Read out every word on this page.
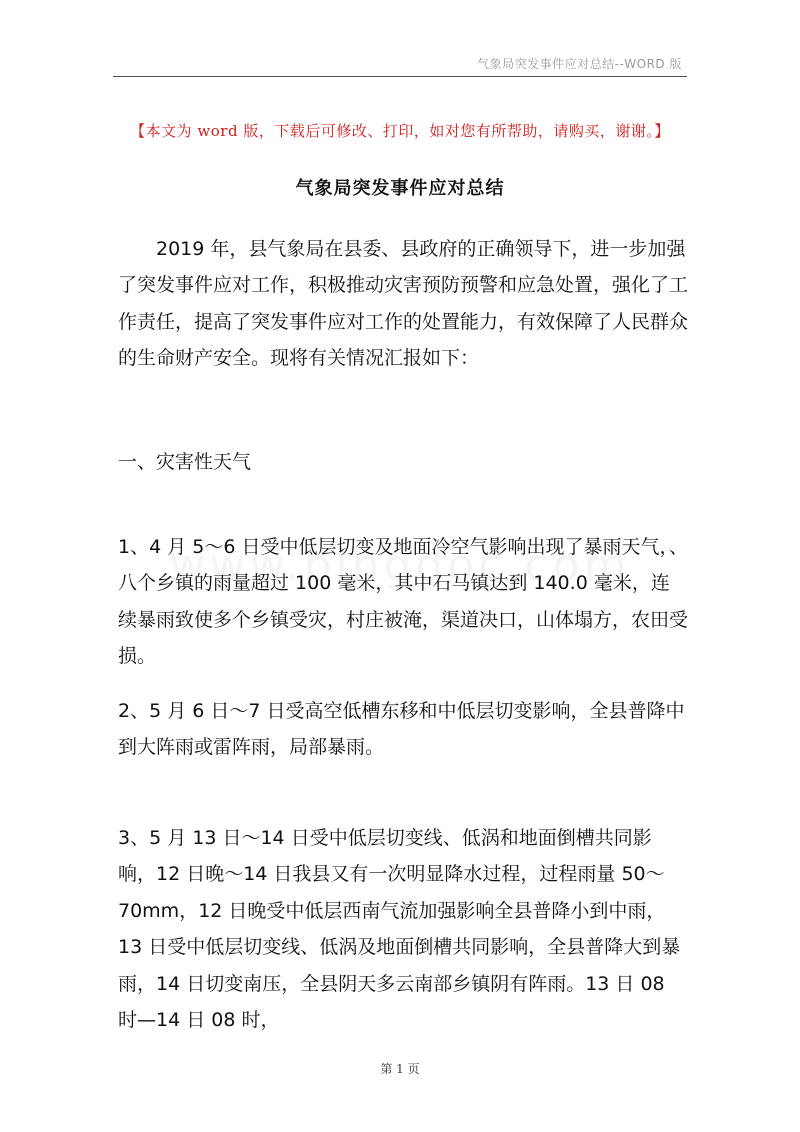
气象局突发事件应对总结--WORD 版
【本文为 word 版，下载后可修改、打印，如对您有所帮助，请购买，谢谢。】
气象局突发事件应对总结
2019 年，县气象局在县委、县政府的正确领导下，进一步加强了突发事件应对工作，积极推动灾害预防预警和应急处置，强化了工作责任，提高了突发事件应对工作的处置能力，有效保障了人民群众的生命财产安全。现将有关情况汇报如下：
一、灾害性天气
1、4 月 5～6 日受中低层切变及地面冷空气影响出现了暴雨天气，、八个乡镇的雨量超过 100 毫米，其中石马镇达到 140.0 毫米，连续暴雨致使多个乡镇受灾，村庄被淹，渠道决口，山体塌方，农田受损。
2、5 月 6 日～7 日受高空低槽东移和中低层切变影响，全县普降中到大阵雨或雷阵雨，局部暴雨。
3、5 月 13 日～14 日受中低层切变线、低涡和地面倒槽共同影响，12 日晚～14 日我县又有一次明显降水过程，过程雨量 50～70mm，12 日晚受中低层西南气流加强影响全县普降小到中雨，13 日受中低层切变线、低涡及地面倒槽共同影响，全县普降大到暴雨，14 日切变南压，全县阴天多云南部乡镇阴有阵雨。13 日 08 时—14 日 08 时，
第 1 页
